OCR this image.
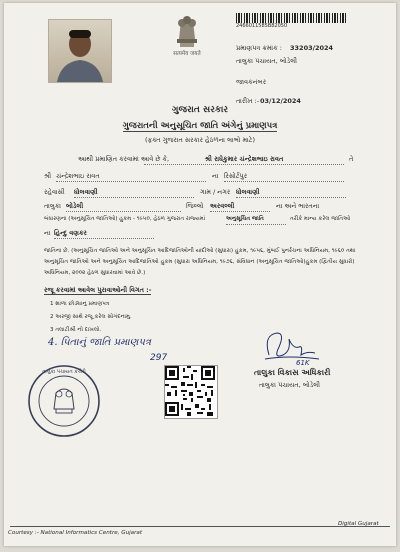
सत्यमेव जयते
2466011585B82050
પ્રમાણપત્ર ક્રમાંક : 33203/2024
તાલુકા પંચાયત, બોડેલી
જાવકનંબર
તારીખ :- 03/12/2024
ગુજરાત સરકાર
ગુજરાતની અનુસૂચિત જાતિ અંગેનું પ્રમાણપત્ર
(ફક્ત ગુજરાત સરકાર હેઠળના લાભો માટે)
આથી પ્રમાણિત કરવામાં આવે છે કે,	શ્રી રાધેકુમાર ચંન્દ્રેશભાઇ રાવત	તે
શ્રી ચંન્દ્રેશભાઇ રાવત	ના રિસોર્ટપુર
રહેવાસી ધોલવાણી	ગામ / નગર ધોલવાણી
તાલુકા બોડેલી	જિલ્લો અરવલ્લી	ના અને ભારતના
બંધારણના (અનુસૂચિત જાતિઓ) હુકમ - ૧૯૫૦, હેઠળ ગુજરાત રાજ્યમાં	અનુસૂચિત જાતિ	તરીકે માન્ય કરેલ જાતિઓ
ના હિન્દુ વણકર
જાતિના છે. (અનુસૂચિત જાતિઓ અને અનુસૂચિત આદિજાતિઓની યાદીઓ (સુધારા) હુકમ, ૧૯૫૬, મુંબઈ પુનર્રચના અધિનિયમ, ૧૯૬૦ તથા અનુસૂચિત જાતિઓ અને અનુસૂચિત આદિજાતિઓ હુકમ (સુધારા અધિનિયમ, ૧૯૭૬, સંવિધાન (અનુસૂચિત જાતિઓ)હુકમ (દ્વિતીય સુધારો) અધિનિયમ, ૨૦૦૨ હેઠળ સુધારવામાં આવે છે.)
રજૂ કરવામાં આવેલ પુરાવાઓની વિગત :-
1 શાળા છોડ્યાનુ પ્રમાણપત્ર
2 અરજી સાથે રજૂ કરેલ સોગંદનામુ.
3 તલાટીશ્રી નો દાખલો.
4. પિતાનું જાતિ પ્રમાણપત્ર
297
તાલુકા પંચાયત કચેરી
61K
તાલુકા વિકાસ અધિકારી
તાલુકા પંચાયત, બોડેલી
Courtesy :- National Informatics Centre, Gujarat
Digital Gujarat
